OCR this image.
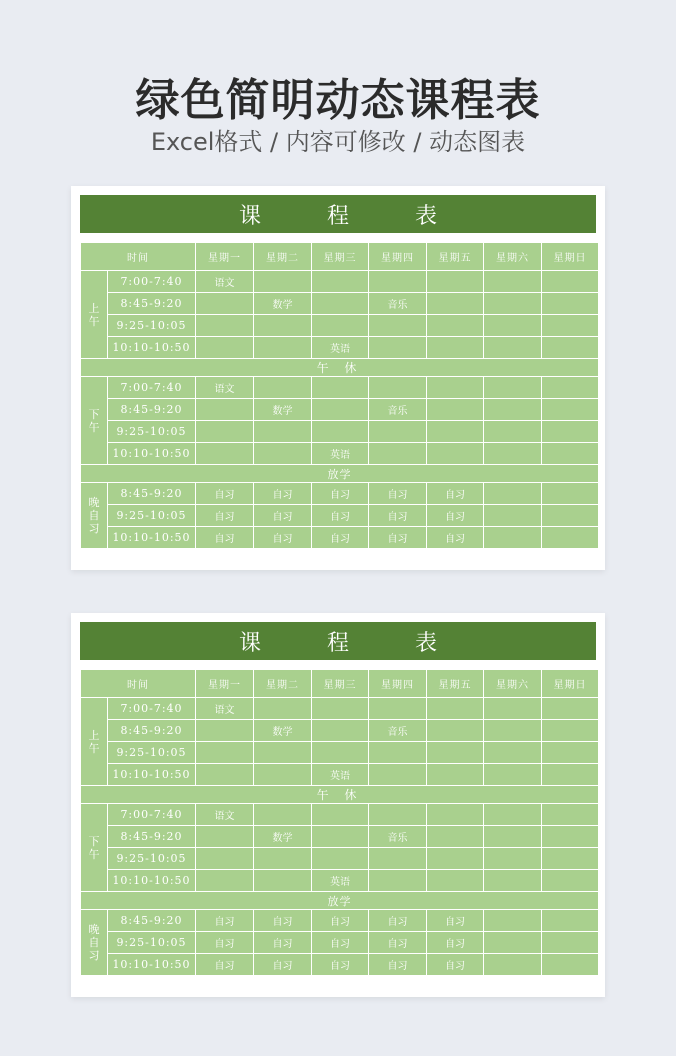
绿色简明动态课程表
Excel格式 / 内容可修改 / 动态图表
课　程　表
时间		星期一	星期二	星期三	星期四	星期五	星期六	星期日
上
午	7:00-7:40	语文						
	8:45-9:20		数学		音乐			
	9:25-10:05							
	10:10-10:50			英语				
午 休								
下
午	7:00-7:40	语文						
	8:45-9:20		数学		音乐			
	9:25-10:05							
	10:10-10:50			英语				
放学								
晚
自
习	8:45-9:20	自习	自习	自习	自习	自习		
	9:25-10:05	自习	自习	自习	自习	自习		
	10:10-10:50	自习	自习	自习	自习	自习		
课　程　表
时间		星期一	星期二	星期三	星期四	星期五	星期六	星期日
上
午	7:00-7:40	语文						
	8:45-9:20		数学		音乐			
	9:25-10:05							
	10:10-10:50			英语				
午 休								
下
午	7:00-7:40	语文						
	8:45-9:20		数学		音乐			
	9:25-10:05							
	10:10-10:50			英语				
放学								
晚
自
习	8:45-9:20	自习	自习	自习	自习	自习		
	9:25-10:05	自习	自习	自习	自习	自习		
	10:10-10:50	自习	自习	自习	自习	自习		
